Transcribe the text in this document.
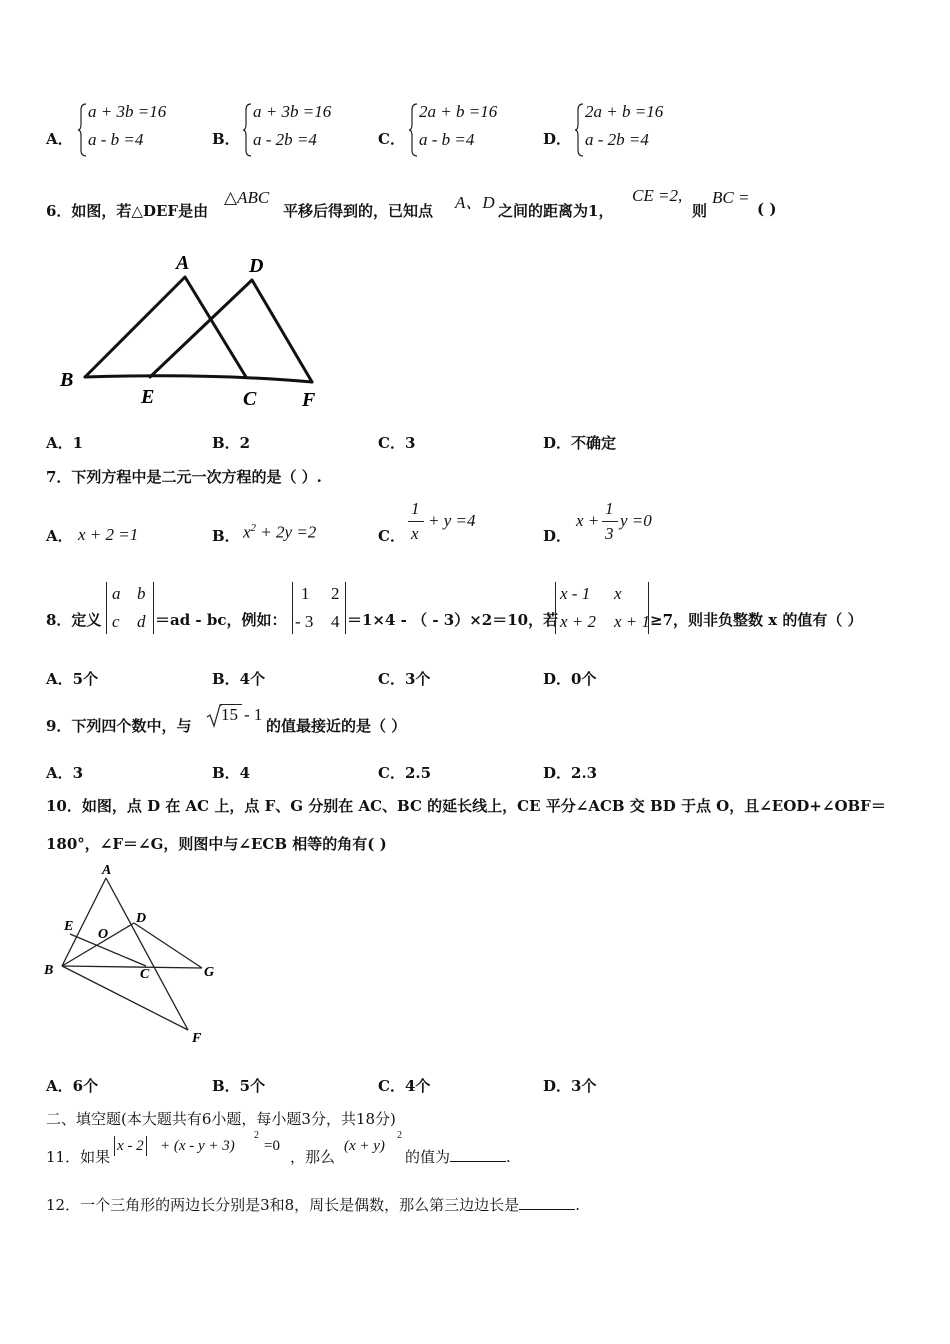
A．
a + 3b =16
a - b =4	B．
a + 3b =16
a - 2b =4	C．
2a + b =16
a - b =4	D．
2a + b =16
a - 2b =4
6．如图，若△DEF是由
△ABC
平移后得到的，已知点 A、D 之间的距离为1，
CE =2,
则
BC =
( )
A	D
B
E	C F
A．1	B．2	C．3	D．不确定
7．下列方程中是二元一次方程的是（ ）.
A． x + 2 =1	B． $x^2 + 2y =2$	C．
1
x
+ y =4
D．
x +
1
3
y =0
8．定义
a b
c d ＝ad - bc，例如：
1 2
- 3 4 ＝1×4 - （ - 3）×2＝10，若
x - 1 x
x + 2 x + 1 ≥7，则非负整数 x 的值有（ ）
A．5个	B．4个	C．3个	D．0个
9．下列四个数中，与
15 - 1
的值最接近的是（ ）
A．3	B．4	C．2.5	D．2.3
10．如图，点 D 在 AC 上，点 F、G 分别在 AC、BC 的延长线上，CE 平分∠ACB 交 BD 于点 O，且∠EOD+∠OBF＝
180°，∠F＝∠G，则图中与∠ECB 相等的角有( )
A
E
O
D
B	C	G
F
A．6个	B．5个	C．4个	D．3个
二、填空题(本大题共有6小题，每小题3分，共18分)
11．如果
x - 2 + (x - y + 3)
2
=0
，那么
(x + y)
2
的值为	.
12．一个三角形的两边长分别是3和8，周长是偶数，那么第三边边长是	.
